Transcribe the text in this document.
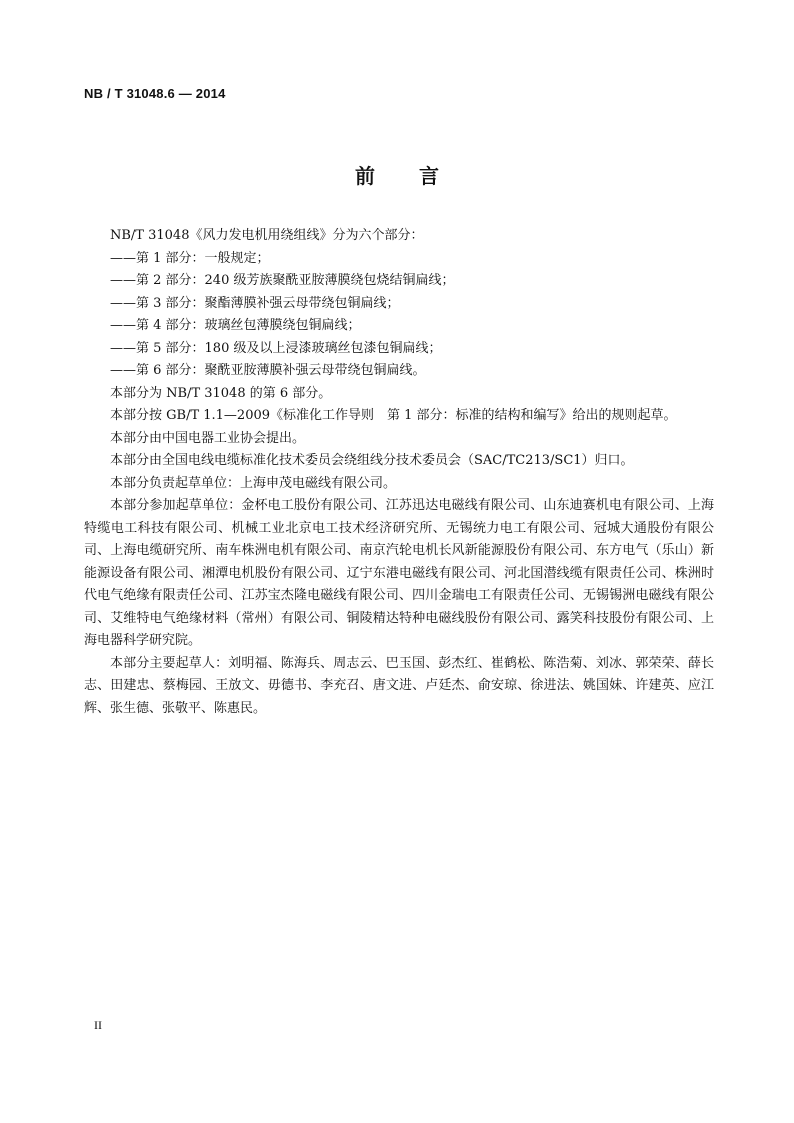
NB / T 31048.6 — 2014
前言

NB/T 31048《风力发电机用绕组线》分为六个部分：

——第 1 部分：一般规定；

——第 2 部分：240 级芳族聚酰亚胺薄膜绕包烧结铜扁线；

——第 3 部分：聚酯薄膜补强云母带绕包铜扁线；

——第 4 部分：玻璃丝包薄膜绕包铜扁线；

——第 5 部分：180 级及以上浸漆玻璃丝包漆包铜扁线；

——第 6 部分：聚酰亚胺薄膜补强云母带绕包铜扁线。

本部分为 NB/T 31048 的第 6 部分。

本部分按 GB/T 1.1—2009《标准化工作导则　第 1 部分：标准的结构和编写》给出的规则起草。

本部分由中国电器工业协会提出。

本部分由全国电线电缆标准化技术委员会绕组线分技术委员会（SAC/TC213/SC1）归口。

本部分负责起草单位：上海申茂电磁线有限公司。

本部分参加起草单位：金杯电工股份有限公司、江苏迅达电磁线有限公司、山东迪赛机电有限公司、上海特缆电工科技有限公司、机械工业北京电工技术经济研究所、无锡统力电工有限公司、冠城大通股份有限公司、上海电缆研究所、南车株洲电机有限公司、南京汽轮电机长风新能源股份有限公司、东方电气（乐山）新能源设备有限公司、湘潭电机股份有限公司、辽宁东港电磁线有限公司、河北国潜线缆有限责任公司、株洲时代电气绝缘有限责任公司、江苏宝杰隆电磁线有限公司、四川金瑞电工有限责任公司、无锡锡洲电磁线有限公司、艾维特电气绝缘材料（常州）有限公司、铜陵精达特种电磁线股份有限公司、露笑科技股份有限公司、上海电器科学研究院。

本部分主要起草人：刘明福、陈海兵、周志云、巴玉国、彭杰红、崔鹤松、陈浩菊、刘冰、郭荣荣、薛长志、田建忠、蔡梅园、王放文、毋德书、李充召、唐文进、卢廷杰、俞安琼、徐进法、姚国妹、许建英、应江辉、张生德、张敬平、陈惠民。

II
